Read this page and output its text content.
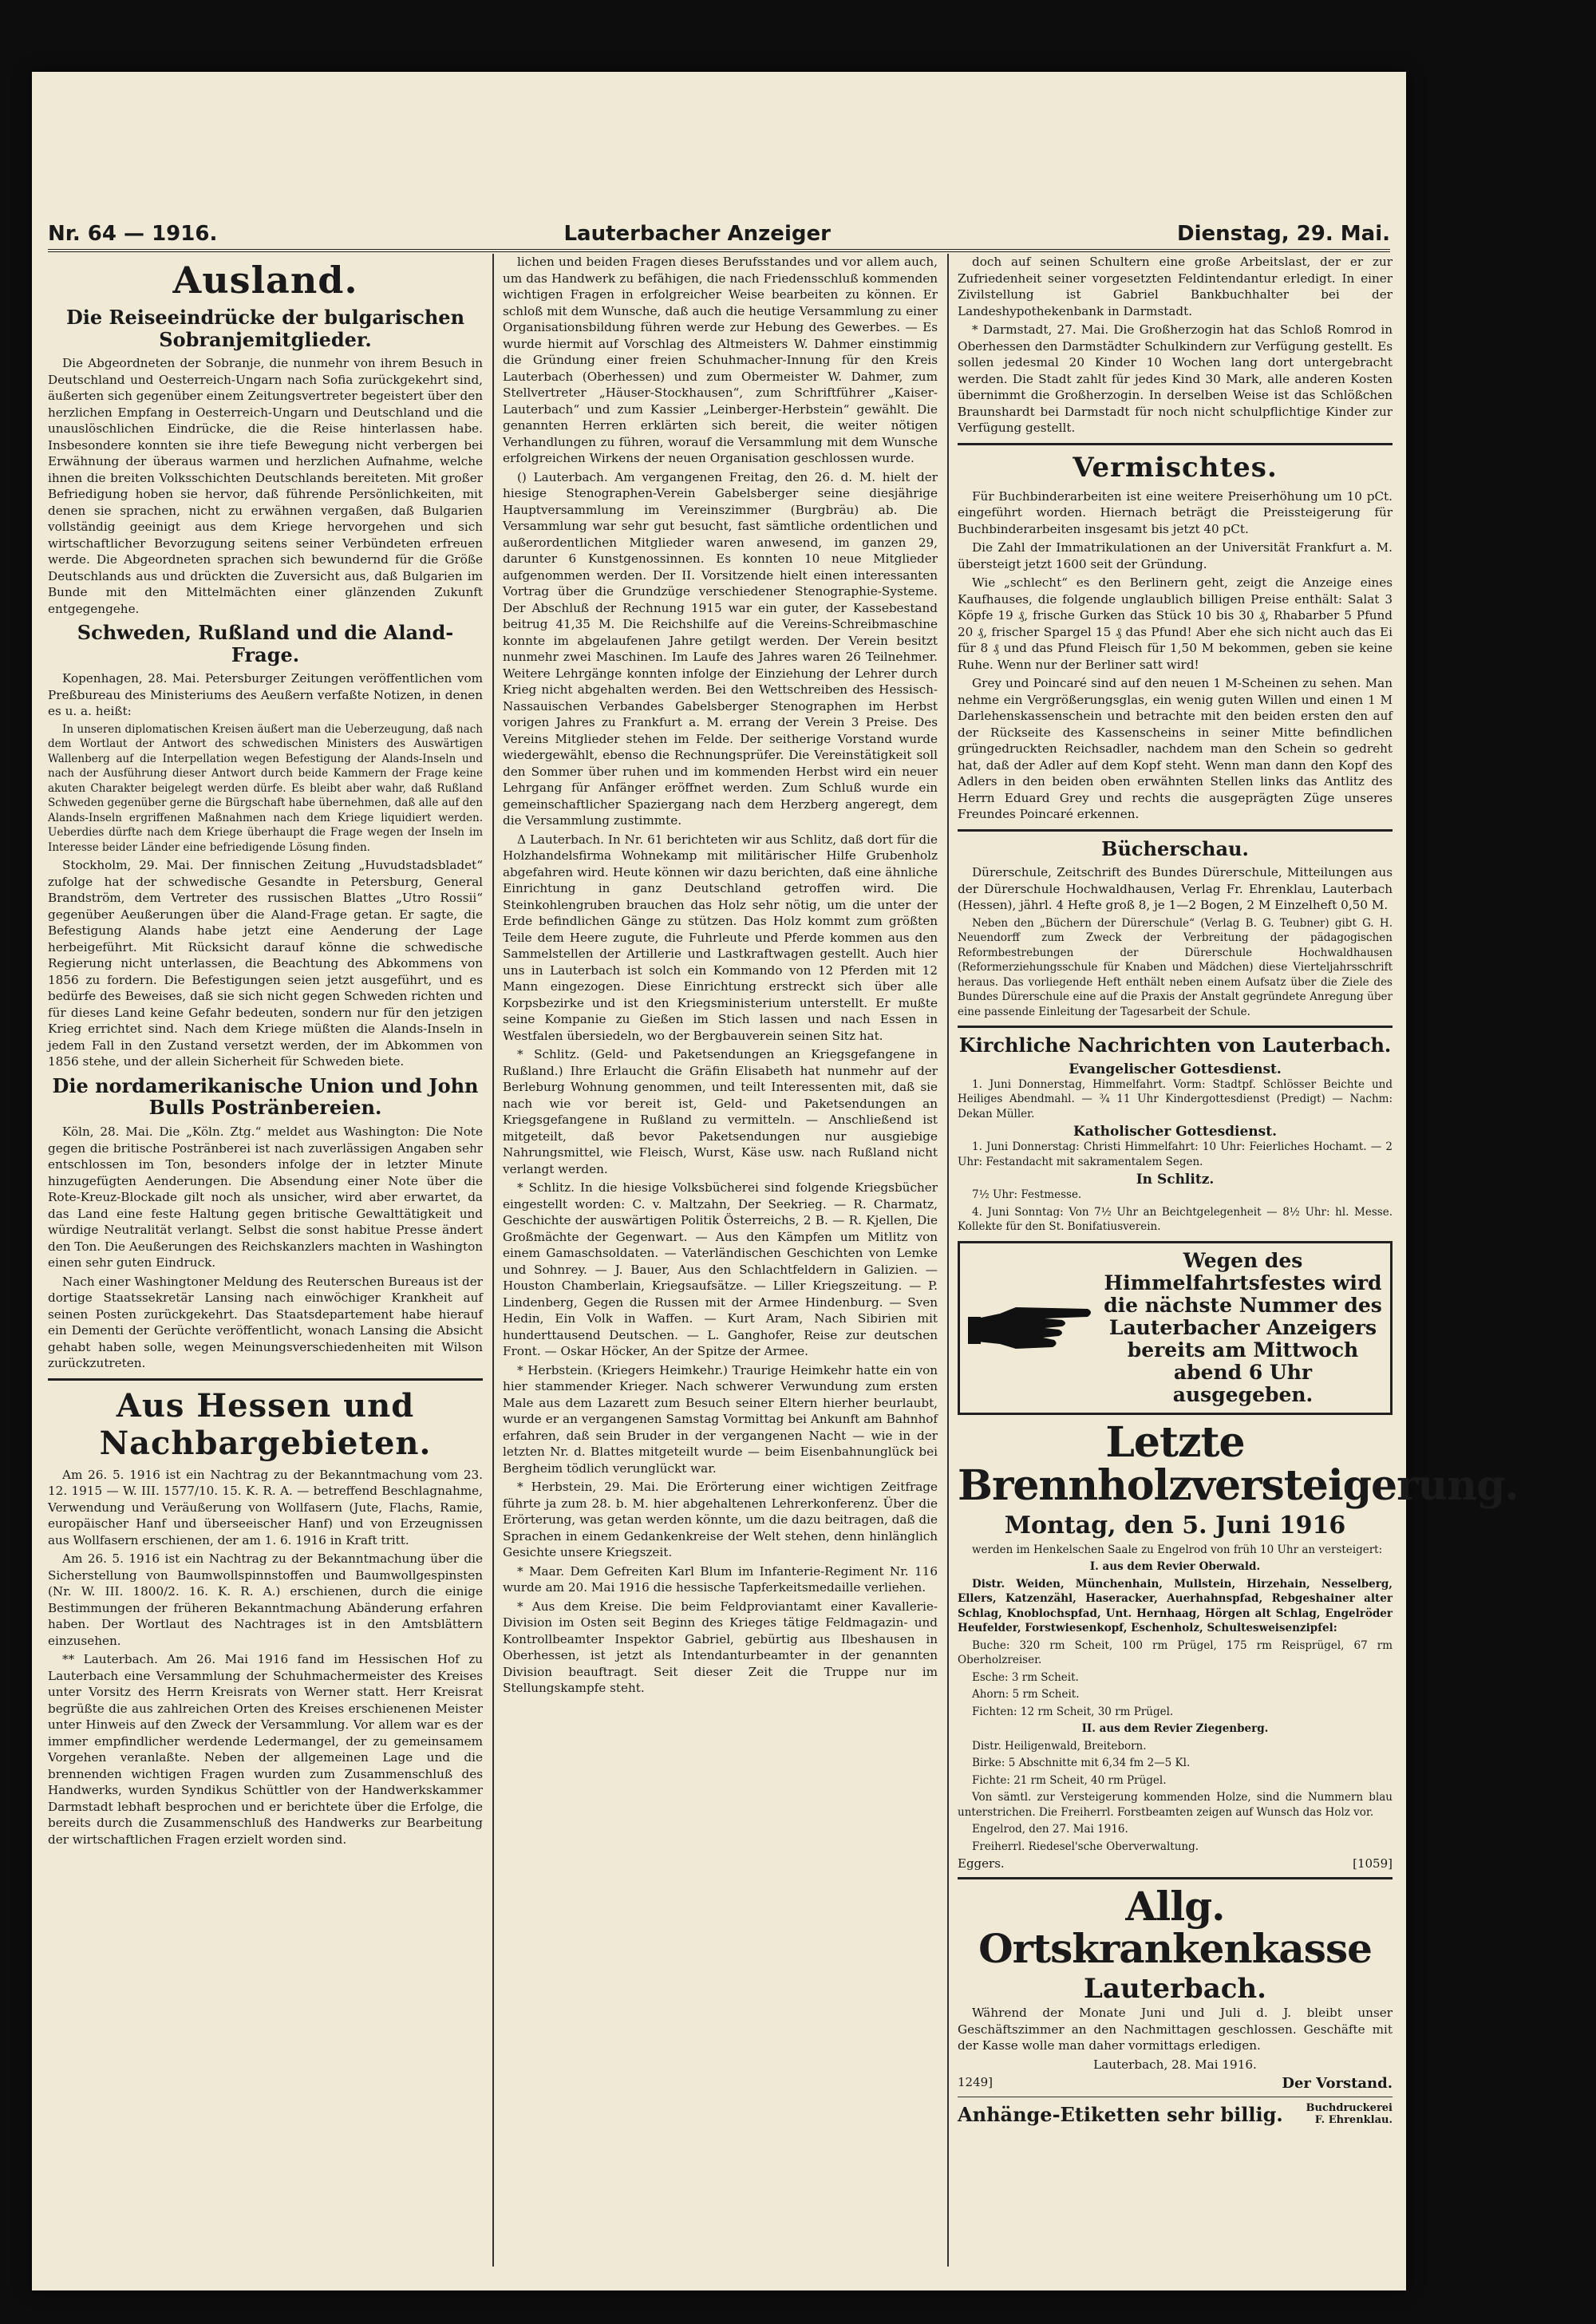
Nr. 64 — 1916.	Lauterbacher Anzeiger	Dienstag, 29. Mai.
Ausland.
Die Reiseeindrücke der bulgarischen Sobranjemitglieder.

Die Abgeordneten der Sobranje, die nunmehr von ihrem Besuch in Deutschland und Oesterreich-Ungarn nach Sofia zurückgekehrt sind, äußerten sich gegenüber einem Zeitungsvertreter begeistert über den herzlichen Empfang in Oesterreich-Ungarn und Deutschland und die unauslöschlichen Eindrücke, die die Reise hinterlassen habe. Insbesondere konnten sie ihre tiefe Bewegung nicht verbergen bei Erwähnung der überaus warmen und herzlichen Aufnahme, welche ihnen die breiten Volksschichten Deutschlands bereiteten. Mit großer Befriedigung hoben sie hervor, daß führende Persönlichkeiten, mit denen sie sprachen, nicht zu erwähnen vergaßen, daß Bulgarien vollständig geeinigt aus dem Kriege hervorgehen und sich wirtschaftlicher Bevorzugung seitens seiner Verbündeten erfreuen werde. Die Abgeordneten sprachen sich bewundernd für die Größe Deutschlands aus und drückten die Zuversicht aus, daß Bulgarien im Bunde mit den Mittelmächten einer glänzenden Zukunft entgegengehe.

Schweden, Rußland und die Aland-Frage.

Kopenhagen, 28. Mai. Petersburger Zeitungen veröffentlichen vom Preßbureau des Ministeriums des Aeußern verfaßte Notizen, in denen es u. a. heißt:

In unseren diplomatischen Kreisen äußert man die Ueberzeugung, daß nach dem Wortlaut der Antwort des schwedischen Ministers des Auswärtigen Wallenberg auf die Interpellation wegen Befestigung der Alands-Inseln und nach der Ausführung dieser Antwort durch beide Kammern der Frage keine akuten Charakter beigelegt werden dürfe. Es bleibt aber wahr, daß Rußland Schweden gegenüber gerne die Bürgschaft habe übernehmen, daß alle auf den Alands-Inseln ergriffenen Maßnahmen nach dem Kriege liquidiert werden. Ueberdies dürfte nach dem Kriege überhaupt die Frage wegen der Inseln im Interesse beider Länder eine befriedigende Lösung finden.

Stockholm, 29. Mai. Der finnischen Zeitung „Huvudstadsbladet“ zufolge hat der schwedische Gesandte in Petersburg, General Brandström, dem Vertreter des russischen Blattes „Utro Rossii“ gegenüber Aeußerungen über die Aland-Frage getan. Er sagte, die Befestigung Alands habe jetzt eine Aenderung der Lage herbeigeführt. Mit Rücksicht darauf könne die schwedische Regierung nicht unterlassen, die Beachtung des Abkommens von 1856 zu fordern. Die Befestigungen seien jetzt ausgeführt, und es bedürfe des Beweises, daß sie sich nicht gegen Schweden richten und für dieses Land keine Gefahr bedeuten, sondern nur für den jetzigen Krieg errichtet sind. Nach dem Kriege müßten die Alands-Inseln in jedem Fall in den Zustand versetzt werden, der im Abkommen von 1856 stehe, und der allein Sicherheit für Schweden biete.

Die nordamerikanische Union und John Bulls Postränbereien.

Köln, 28. Mai. Die „Köln. Ztg.“ meldet aus Washington: Die Note gegen die britische Postränberei ist nach zuverlässigen Angaben sehr entschlossen im Ton, besonders infolge der in letzter Minute hinzugefügten Aenderungen. Die Absendung einer Note über die Rote-Kreuz-Blockade gilt noch als unsicher, wird aber erwartet, da das Land eine feste Haltung gegen britische Gewalttätigkeit und würdige Neutralität verlangt. Selbst die sonst habitue Presse ändert den Ton. Die Aeußerungen des Reichskanzlers machten in Washington einen sehr guten Eindruck.

Nach einer Washingtoner Meldung des Reuterschen Bureaus ist der dortige Staatssekretär Lansing nach einwöchiger Krankheit auf seinen Posten zurückgekehrt. Das Staatsdepartement habe hierauf ein Dementi der Gerüchte veröffentlicht, wonach Lansing die Absicht gehabt haben solle, wegen Meinungsverschiedenheiten mit Wilson zurückzutreten.

Aus Hessen und Nachbargebieten.

Am 26. 5. 1916 ist ein Nachtrag zu der Bekanntmachung vom 23. 12. 1915 — W. III. 1577/10. 15. K. R. A. — betreffend Beschlagnahme, Verwendung und Veräußerung von Wollfasern (Jute, Flachs, Ramie, europäischer Hanf und überseeischer Hanf) und von Erzeugnissen aus Wollfasern erschienen, der am 1. 6. 1916 in Kraft tritt.

Am 26. 5. 1916 ist ein Nachtrag zu der Bekanntmachung über die Sicherstellung von Baumwollspinnstoffen und Baumwollgespinsten (Nr. W. III. 1800/2. 16. K. R. A.) erschienen, durch die einige Bestimmungen der früheren Bekanntmachung Abänderung erfahren haben. Der Wortlaut des Nachtrages ist in den Amtsblättern einzusehen.

** Lauterbach. Am 26. Mai 1916 fand im Hessischen Hof zu Lauterbach eine Versammlung der Schuhmachermeister des Kreises unter Vorsitz des Herrn Kreisrats von Werner statt. Herr Kreisrat begrüßte die aus zahlreichen Orten des Kreises erschienenen Meister unter Hinweis auf den Zweck der Versammlung. Vor allem war es der immer empfindlicher werdende Ledermangel, der zu gemeinsamem Vorgehen veranlaßte. Neben der allgemeinen Lage und die brennenden wichtigen Fragen wurden zum Zusammenschluß des Handwerks, wurden Syndikus Schüttler von der Handwerkskammer Darmstadt lebhaft besprochen und er berichtete über die Erfolge, die bereits durch die Zusammenschluß des Handwerks zur Bearbeitung der wirtschaftlichen Fragen erzielt worden sind.

lichen und beiden Fragen dieses Berufsstandes und vor allem auch, um das Handwerk zu befähigen, die nach Friedensschluß kommenden wichtigen Fragen in erfolgreicher Weise bearbeiten zu können. Er schloß mit dem Wunsche, daß auch die heutige Versammlung zu einer Organisationsbildung führen werde zur Hebung des Gewerbes. — Es wurde hiermit auf Vorschlag des Altmeisters W. Dahmer einstimmig die Gründung einer freien Schuhmacher-Innung für den Kreis Lauterbach (Oberhessen) und zum Obermeister W. Dahmer, zum Stellvertreter „Häuser-Stockhausen“, zum Schriftführer „Kaiser-Lauterbach“ und zum Kassier „Leinberger-Herbstein“ gewählt. Die genannten Herren erklärten sich bereit, die weiter nötigen Verhandlungen zu führen, worauf die Versammlung mit dem Wunsche erfolgreichen Wirkens der neuen Organisation geschlossen wurde.

() Lauterbach. Am vergangenen Freitag, den 26. d. M. hielt der hiesige Stenographen-Verein Gabelsberger seine diesjährige Hauptversammlung im Vereinszimmer (Burgbräu) ab. Die Versammlung war sehr gut besucht, fast sämtliche ordentlichen und außerordentlichen Mitglieder waren anwesend, im ganzen 29, darunter 6 Kunstgenossinnen. Es konnten 10 neue Mitglieder aufgenommen werden. Der II. Vorsitzende hielt einen interessanten Vortrag über die Grundzüge verschiedener Stenographie-Systeme. Der Abschluß der Rechnung 1915 war ein guter, der Kassebestand beitrug 41,35 M. Die Reichshilfe auf die Vereins-Schreibmaschine konnte im abgelaufenen Jahre getilgt werden. Der Verein besitzt nunmehr zwei Maschinen. Im Laufe des Jahres waren 26 Teilnehmer. Weitere Lehrgänge konnten infolge der Einziehung der Lehrer durch Krieg nicht abgehalten werden. Bei den Wettschreiben des Hessisch-Nassauischen Verbandes Gabelsberger Stenographen im Herbst vorigen Jahres zu Frankfurt a. M. errang der Verein 3 Preise. Des Vereins Mitglieder stehen im Felde. Der seitherige Vorstand wurde wiedergewählt, ebenso die Rechnungsprüfer. Die Vereinstätigkeit soll den Sommer über ruhen und im kommenden Herbst wird ein neuer Lehrgang für Anfänger eröffnet werden. Zum Schluß wurde ein gemeinschaftlicher Spaziergang nach dem Herzberg angeregt, dem die Versammlung zustimmte.

Δ Lauterbach. In Nr. 61 berichteten wir aus Schlitz, daß dort für die Holzhandelsfirma Wohnekamp mit militärischer Hilfe Grubenholz abgefahren wird. Heute können wir dazu berichten, daß eine ähnliche Einrichtung in ganz Deutschland getroffen wird. Die Steinkohlengruben brauchen das Holz sehr nötig, um die unter der Erde befindlichen Gänge zu stützen. Das Holz kommt zum größten Teile dem Heere zugute, die Fuhrleute und Pferde kommen aus den Sammelstellen der Artillerie und Lastkraftwagen gestellt. Auch hier uns in Lauterbach ist solch ein Kommando von 12 Pferden mit 12 Mann eingezogen. Diese Einrichtung erstreckt sich über alle Korpsbezirke und ist den Kriegsministerium unterstellt. Er mußte seine Kompanie zu Gießen im Stich lassen und nach Essen in Westfalen übersiedeln, wo der Bergbauverein seinen Sitz hat.

* Schlitz. (Geld- und Paketsendungen an Kriegsgefangene in Rußland.) Ihre Erlaucht die Gräfin Elisabeth hat nunmehr auf der Berleburg Wohnung genommen, und teilt Interessenten mit, daß sie nach wie vor bereit ist, Geld- und Paketsendungen an Kriegsgefangene in Rußland zu vermitteln. — Anschließend ist mitgeteilt, daß bevor Paketsendungen nur ausgiebige Nahrungsmittel, wie Fleisch, Wurst, Käse usw. nach Rußland nicht verlangt werden.

* Schlitz. In die hiesige Volksbücherei sind folgende Kriegsbücher eingestellt worden: C. v. Maltzahn, Der Seekrieg. — R. Charmatz, Geschichte der auswärtigen Politik Österreichs, 2 B. — R. Kjellen, Die Großmächte der Gegenwart. — Aus den Kämpfen um Mitlitz von einem Gamaschsoldaten. — Vaterländischen Geschichten von Lemke und Sohnrey. — J. Bauer, Aus den Schlachtfeldern in Galizien. — Houston Chamberlain, Kriegsaufsätze. — Liller Kriegszeitung. — P. Lindenberg, Gegen die Russen mit der Armee Hindenburg. — Sven Hedin, Ein Volk in Waffen. — Kurt Aram, Nach Sibirien mit hunderttausend Deutschen. — L. Ganghofer, Reise zur deutschen Front. — Oskar Höcker, An der Spitze der Armee.

* Herbstein. (Kriegers Heimkehr.) Traurige Heimkehr hatte ein von hier stammender Krieger. Nach schwerer Verwundung zum ersten Male aus dem Lazarett zum Besuch seiner Eltern hierher beurlaubt, wurde er an vergangenen Samstag Vormittag bei Ankunft am Bahnhof erfahren, daß sein Bruder in der vergangenen Nacht — wie in der letzten Nr. d. Blattes mitgeteilt wurde — beim Eisenbahnunglück bei Bergheim tödlich verunglückt war.

* Herbstein, 29. Mai. Die Erörterung einer wichtigen Zeitfrage führte ja zum 28. b. M. hier abgehaltenen Lehrerkonferenz. Über die Erörterung, was getan werden könnte, um die dazu beitragen, daß die Sprachen in einem Gedankenkreise der Welt stehen, denn hinlänglich Gesichte unsere Kriegszeit.

* Maar. Dem Gefreiten Karl Blum im Infanterie-Regiment Nr. 116 wurde am 20. Mai 1916 die hessische Tapferkeitsmedaille verliehen.

* Aus dem Kreise. Die beim Feldproviantamt einer Kavallerie-Division im Osten seit Beginn des Krieges tätige Feldmagazin- und Kontrollbeamter Inspektor Gabriel, gebürtig aus Ilbeshausen in Oberhessen, ist jetzt als Intendanturbeamter in der genannten Division beauftragt. Seit dieser Zeit die Truppe nur im Stellungskampfe steht.

doch auf seinen Schultern eine große Arbeitslast, der er zur Zufriedenheit seiner vorgesetzten Feldintendantur erledigt. In einer Zivilstellung ist Gabriel Bankbuchhalter bei der Landeshypothekenbank in Darmstadt.

* Darmstadt, 27. Mai. Die Großherzogin hat das Schloß Romrod in Oberhessen den Darmstädter Schulkindern zur Verfügung gestellt. Es sollen jedesmal 20 Kinder 10 Wochen lang dort untergebracht werden. Die Stadt zahlt für jedes Kind 30 Mark, alle anderen Kosten übernimmt die Großherzogin. In derselben Weise ist das Schlößchen Braunshardt bei Darmstadt für noch nicht schulpflichtige Kinder zur Verfügung gestellt.

Vermischtes.

Für Buchbinderarbeiten ist eine weitere Preiserhöhung um 10 pCt. eingeführt worden. Hiernach beträgt die Preissteigerung für Buchbinderarbeiten insgesamt bis jetzt 40 pCt.

Die Zahl der Immatrikulationen an der Universität Frankfurt a. M. übersteigt jetzt 1600 seit der Gründung.

Wie „schlecht“ es den Berlinern geht, zeigt die Anzeige eines Kaufhauses, die folgende unglaublich billigen Preise enthält: Salat 3 Köpfe 19 ₰, frische Gurken das Stück 10 bis 30 ₰, Rhabarber 5 Pfund 20 ₰, frischer Spargel 15 ₰ das Pfund! Aber ehe sich nicht auch das Ei für 8 ₰ und das Pfund Fleisch für 1,50 M bekommen, geben sie keine Ruhe. Wenn nur der Berliner satt wird!

Grey und Poincaré sind auf den neuen 1 M-Scheinen zu sehen. Man nehme ein Vergrößerungsglas, ein wenig guten Willen und einen 1 M Darlehenskassenschein und betrachte mit den beiden ersten den auf der Rückseite des Kassenscheins in seiner Mitte befindlichen grüngedruckten Reichsadler, nachdem man den Schein so gedreht hat, daß der Adler auf dem Kopf steht. Wenn man dann den Kopf des Adlers in den beiden oben erwähnten Stellen links das Antlitz des Herrn Eduard Grey und rechts die ausgeprägten Züge unseres Freundes Poincaré erkennen.

Bücherschau.

Dürerschule, Zeitschrift des Bundes Dürerschule, Mitteilungen aus der Dürerschule Hochwaldhausen, Verlag Fr. Ehrenklau, Lauterbach (Hessen), jährl. 4 Hefte groß 8, je 1—2 Bogen, 2 M Einzelheft 0,50 M.

Neben den „Büchern der Dürerschule“ (Verlag B. G. Teubner) gibt G. H. Neuendorff zum Zweck der Verbreitung der pädagogischen Reformbestrebungen der Dürerschule Hochwaldhausen (Reformerziehungsschule für Knaben und Mädchen) diese Vierteljahrsschrift heraus. Das vorliegende Heft enthält neben einem Aufsatz über die Ziele des Bundes Dürerschule eine auf die Praxis der Anstalt gegründete Anregung über eine passende Einleitung der Tagesarbeit der Schule.

Kirchliche Nachrichten von Lauterbach.
Evangelischer Gottesdienst.

1. Juni Donnerstag, Himmelfahrt. Vorm: Stadtpf. Schlösser Beichte und Heiliges Abendmahl. — ¾ 11 Uhr Kindergottesdienst (Predigt) — Nachm: Dekan Müller.

Katholischer Gottesdienst.

1. Juni Donnerstag: Christi Himmelfahrt: 10 Uhr: Feierliches Hochamt. — 2 Uhr: Festandacht mit sakramentalem Segen.

In Schlitz.

7½ Uhr: Festmesse.

4. Juni Sonntag: Von 7½ Uhr an Beichtgelegenheit — 8½ Uhr: hl. Messe. Kollekte für den St. Bonifatiusverein.

Wegen des Himmelfahrtsfestes wird die nächste Nummer des Lauterbacher Anzeigers bereits am Mittwoch abend 6 Uhr ausgegeben.
Letzte Brennholzversteigerung.
Montag, den 5. Juni 1916

werden im Henkelschen Saale zu Engelrod von früh 10 Uhr an versteigert:

I. aus dem Revier Oberwald.

Distr. Weiden, Münchenhain, Mullstein, Hirzehain, Nesselberg, Ellers, Katzenzähl, Haseracker, Auerhahnspfad, Rebgeshainer alter Schlag, Knoblochspfad, Unt. Hernhaag, Hörgen alt Schlag, Engelröder Heufelder, Forstwiesenkopf, Eschenholz, Schultesweisenzipfel:

Buche: 320 rm Scheit, 100 rm Prügel, 175 rm Reisprügel, 67 rm Oberholzreiser.

Esche: 3 rm Scheit.

Ahorn: 5 rm Scheit.

Fichten: 12 rm Scheit, 30 rm Prügel.

II. aus dem Revier Ziegenberg.

Distr. Heiligenwald, Breiteborn.

Birke: 5 Abschnitte mit 6,34 fm 2—5 Kl.

Fichte: 21 rm Scheit, 40 rm Prügel.

Von sämtl. zur Versteigerung kommenden Holze, sind die Nummern blau unterstrichen. Die Freiherrl. Forstbeamten zeigen auf Wunsch das Holz vor.

Engelrod, den 27. Mai 1916.

Freiherrl. Riedesel'sche Oberverwaltung.

Eggers.	[1059]
Allg. Ortskrankenkasse
Lauterbach.

Während der Monate Juni und Juli d. J. bleibt unser Geschäftszimmer an den Nachmittagen geschlossen. Geschäfte mit der Kasse wolle man daher vormittags erledigen.

Lauterbach, 28. Mai 1916.

1249]	Der Vorstand.
Anhänge-Etiketten sehr billig. Buchdruckerei F. Ehrenklau.
